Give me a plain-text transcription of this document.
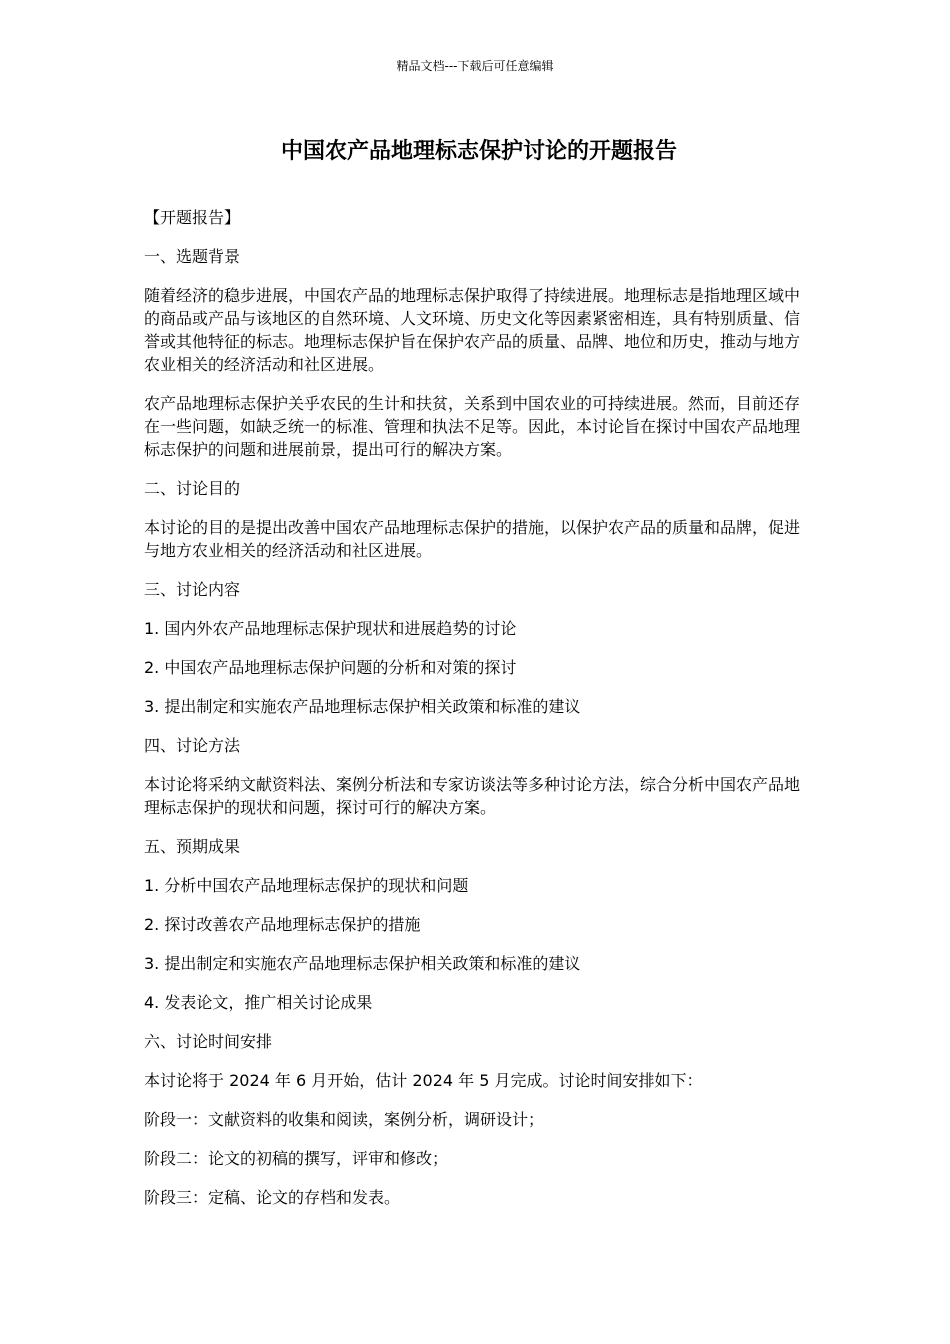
精品文档---下载后可任意编辑
中国农产品地理标志保护讨论的开题报告

【开题报告】

一、选题背景

随着经济的稳步进展，中国农产品的地理标志保护取得了持续进展。地理标志是指地理区域中的商品或产品与该地区的自然环境、人文环境、历史文化等因素紧密相连，具有特别质量、信誉或其他特征的标志。地理标志保护旨在保护农产品的质量、品牌、地位和历史，推动与地方农业相关的经济活动和社区进展。

农产品地理标志保护关乎农民的生计和扶贫，关系到中国农业的可持续进展。然而，目前还存在一些问题，如缺乏统一的标准、管理和执法不足等。因此，本讨论旨在探讨中国农产品地理标志保护的问题和进展前景，提出可行的解决方案。

二、讨论目的

本讨论的目的是提出改善中国农产品地理标志保护的措施，以保护农产品的质量和品牌，促进与地方农业相关的经济活动和社区进展。

三、讨论内容

1. 国内外农产品地理标志保护现状和进展趋势的讨论

2. 中国农产品地理标志保护问题的分析和对策的探讨

3. 提出制定和实施农产品地理标志保护相关政策和标准的建议

四、讨论方法

本讨论将采纳文献资料法、案例分析法和专家访谈法等多种讨论方法，综合分析中国农产品地理标志保护的现状和问题，探讨可行的解决方案。

五、预期成果

1. 分析中国农产品地理标志保护的现状和问题

2. 探讨改善农产品地理标志保护的措施

3. 提出制定和实施农产品地理标志保护相关政策和标准的建议

4. 发表论文，推广相关讨论成果

六、讨论时间安排

本讨论将于 2024 年 6 月开始，估计 2024 年 5 月完成。讨论时间安排如下：

阶段一：文献资料的收集和阅读，案例分析，调研设计；

阶段二：论文的初稿的撰写，评审和修改；

阶段三：定稿、论文的存档和发表。
